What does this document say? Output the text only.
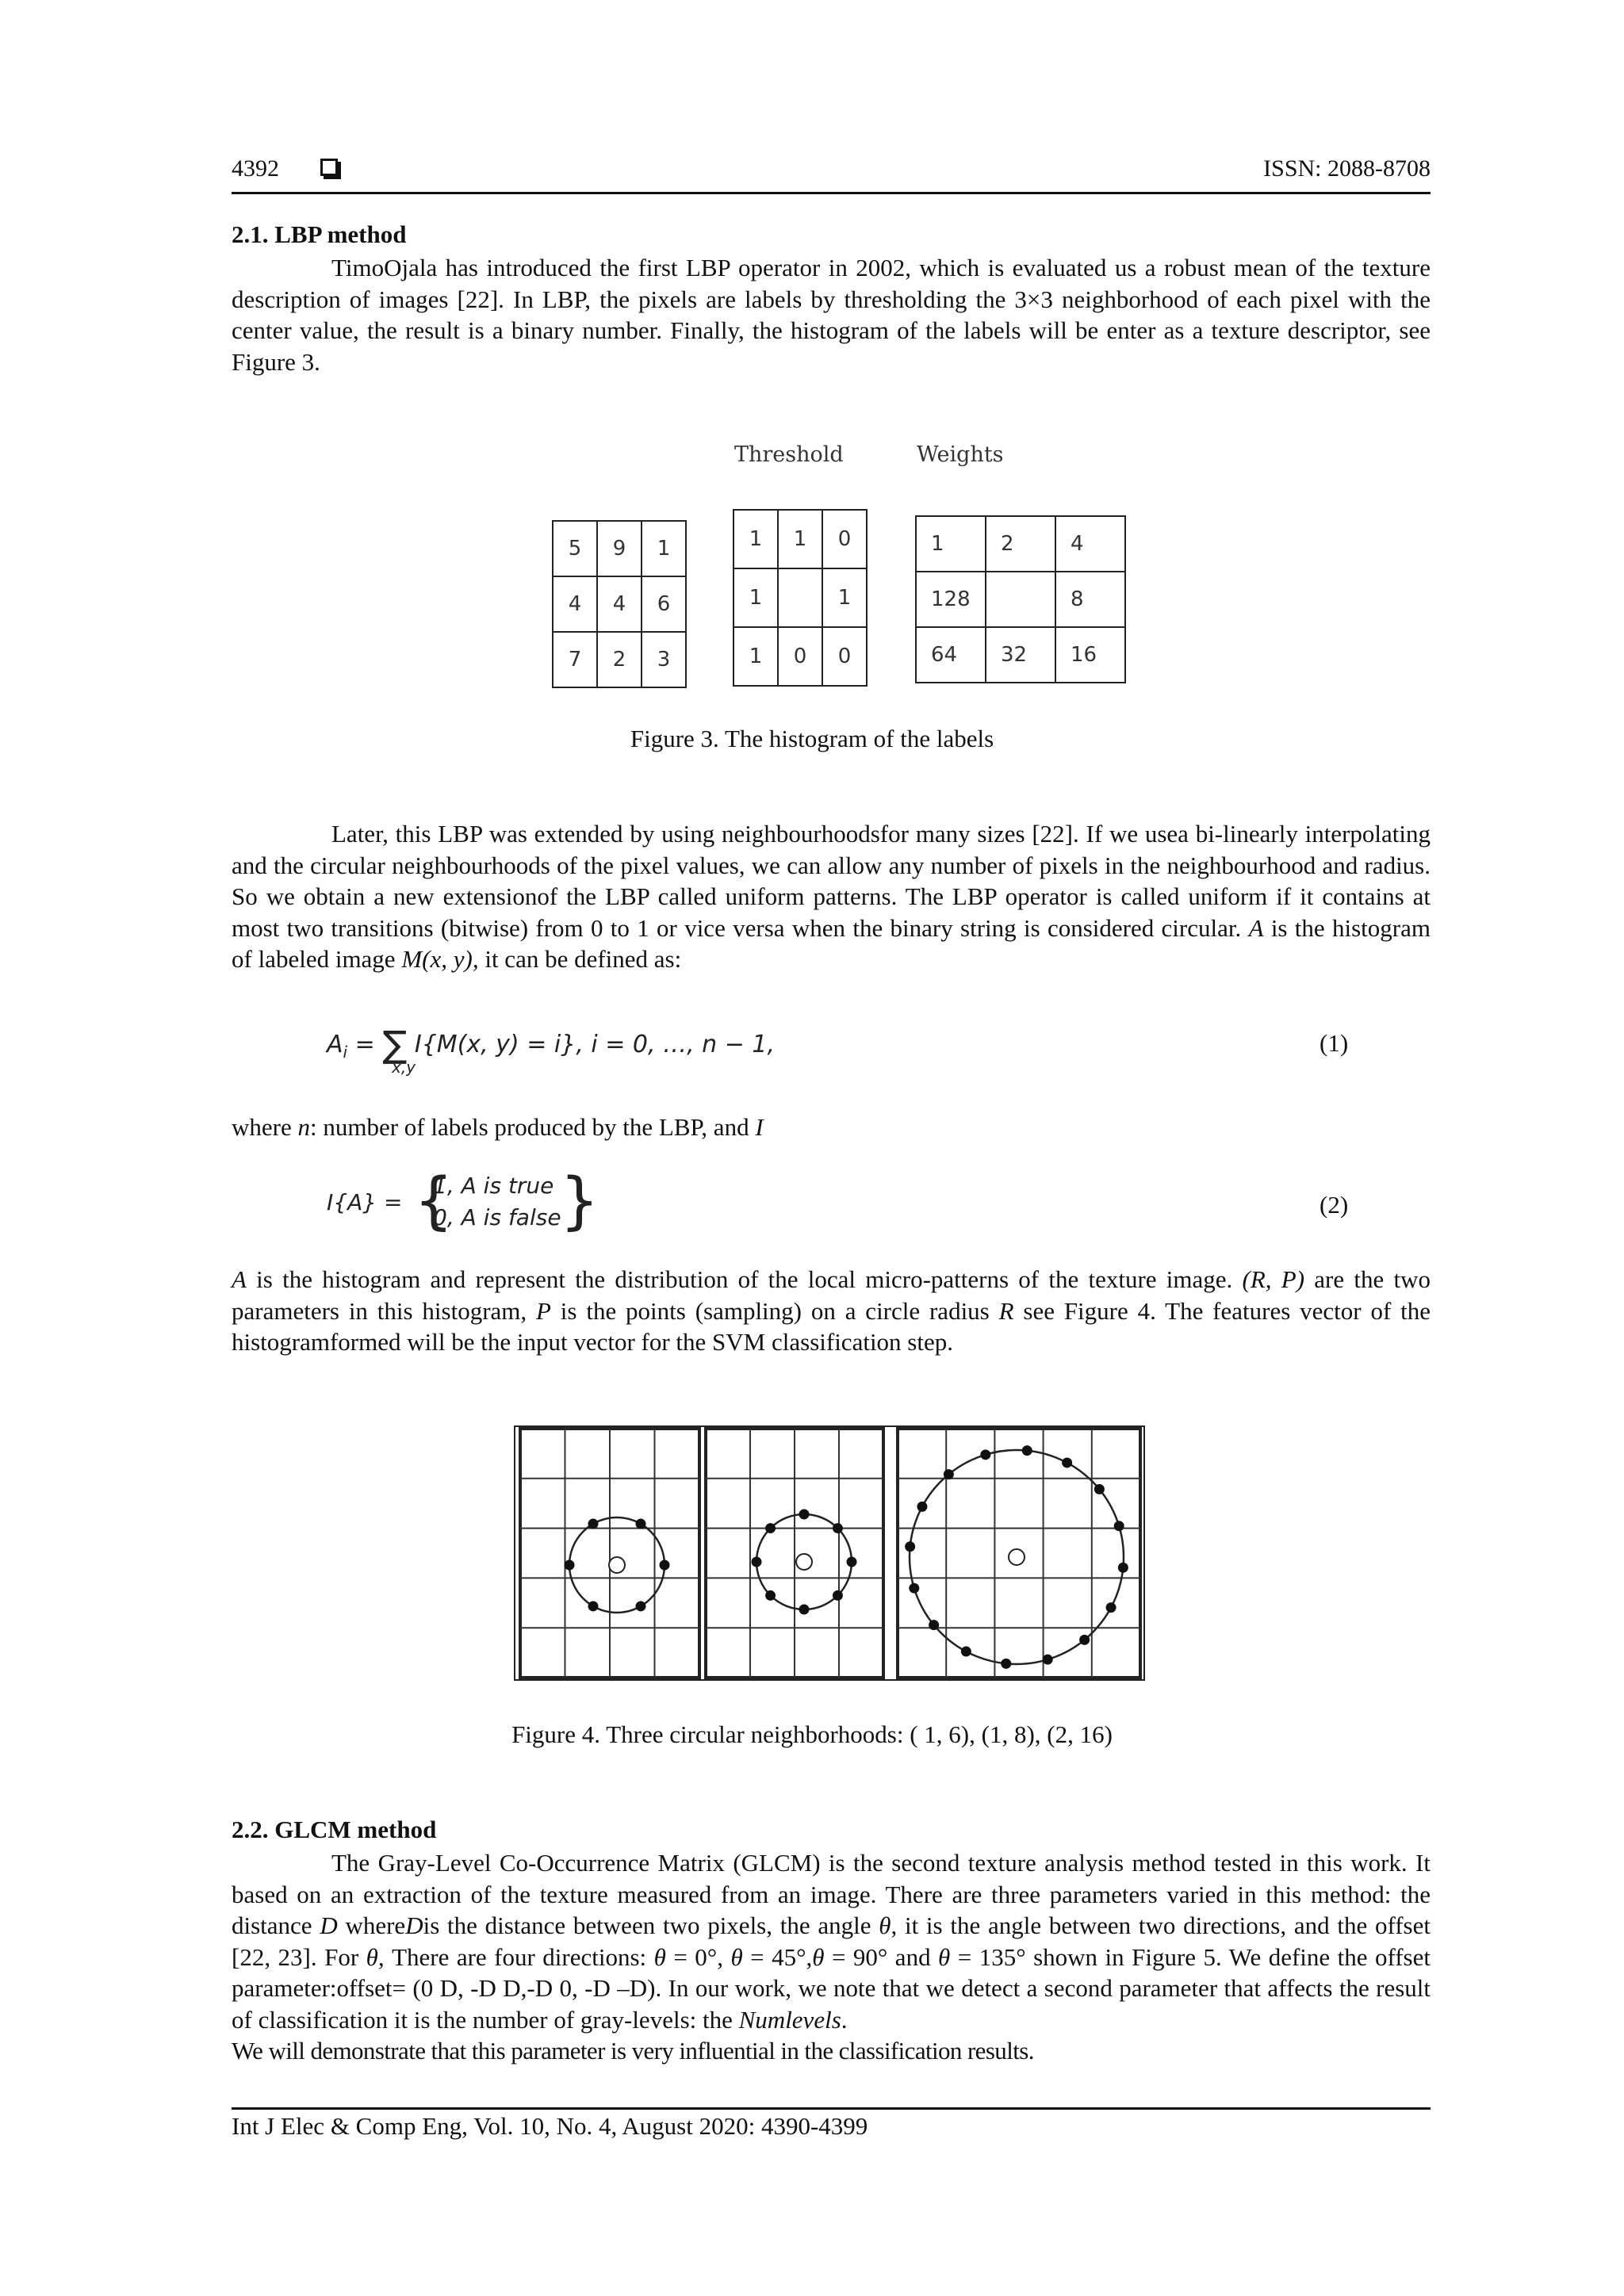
4392	ISSN: 2088-8708
2.1. LBP method

TimoOjala has introduced the first LBP operator in 2002, which is evaluated us a robust mean of the texture description of images [22]. In LBP, the pixels are labels by thresholding the 3×3 neighborhood of each pixel with the center value, the result is a binary number. Finally, the histogram of the labels will be enter as a texture descriptor, see Figure 3.

Threshold	Weights
5	9	1
4	4	6
7	2	3
1	1	0
1		1
1	0	0
1	2	4
128		8
64	32	16
Figure 3. The histogram of the labels

Later, this LBP was extended by using neighbourhoodsfor many sizes [22]. If we usea bi-linearly interpolating and the circular neighbourhoods of the pixel values, we can allow any number of pixels in the neighbourhood and radius. So we obtain a new extensionof the LBP called uniform patterns. The LBP operator is called uniform if it contains at most two transitions (bitwise) from 0 to 1 or vice versa when the binary string is considered circular. A is the histogram of labeled image M(x, y), it can be defined as:

$A_i$ = ∑ I{M(x, y) = i}, i = 0, …, n − 1,
x,y
(1)
where n: number of labels produced by the LBP, and I
I{A} = {
1, A is true
0, A is false
}	(2)

A is the histogram and represent the distribution of the local micro-patterns of the texture image. (R, P) are the two parameters in this histogram, P is the points (sampling) on a circle radius R see Figure 4. The features vector of the histogramformed will be the input vector for the SVM classification step.

Figure 4. Three circular neighborhoods: ( 1, 6), (1, 8), (2, 16)
2.2. GLCM method

The Gray-Level Co-Occurrence Matrix (GLCM) is the second texture analysis method tested in this work. It based on an extraction of the texture measured from an image. There are three parameters varied in this method: the distance D whereDis the distance between two pixels, the angle θ, it is the angle between two directions, and the offset [22, 23]. For θ, There are four directions: θ = 0°, θ = 45°,θ = 90° and θ = 135° shown in Figure 5. We define the offset parameter:offset= (0 D, -D D,-D 0, -D –D). In our work, we note that we detect a second parameter that affects the result of classification it is the number of gray-levels: the Numlevels.
We will demonstrate that this parameter is very influential in the classification results.

Int J Elec & Comp Eng, Vol. 10, No. 4, August 2020: 4390-4399
